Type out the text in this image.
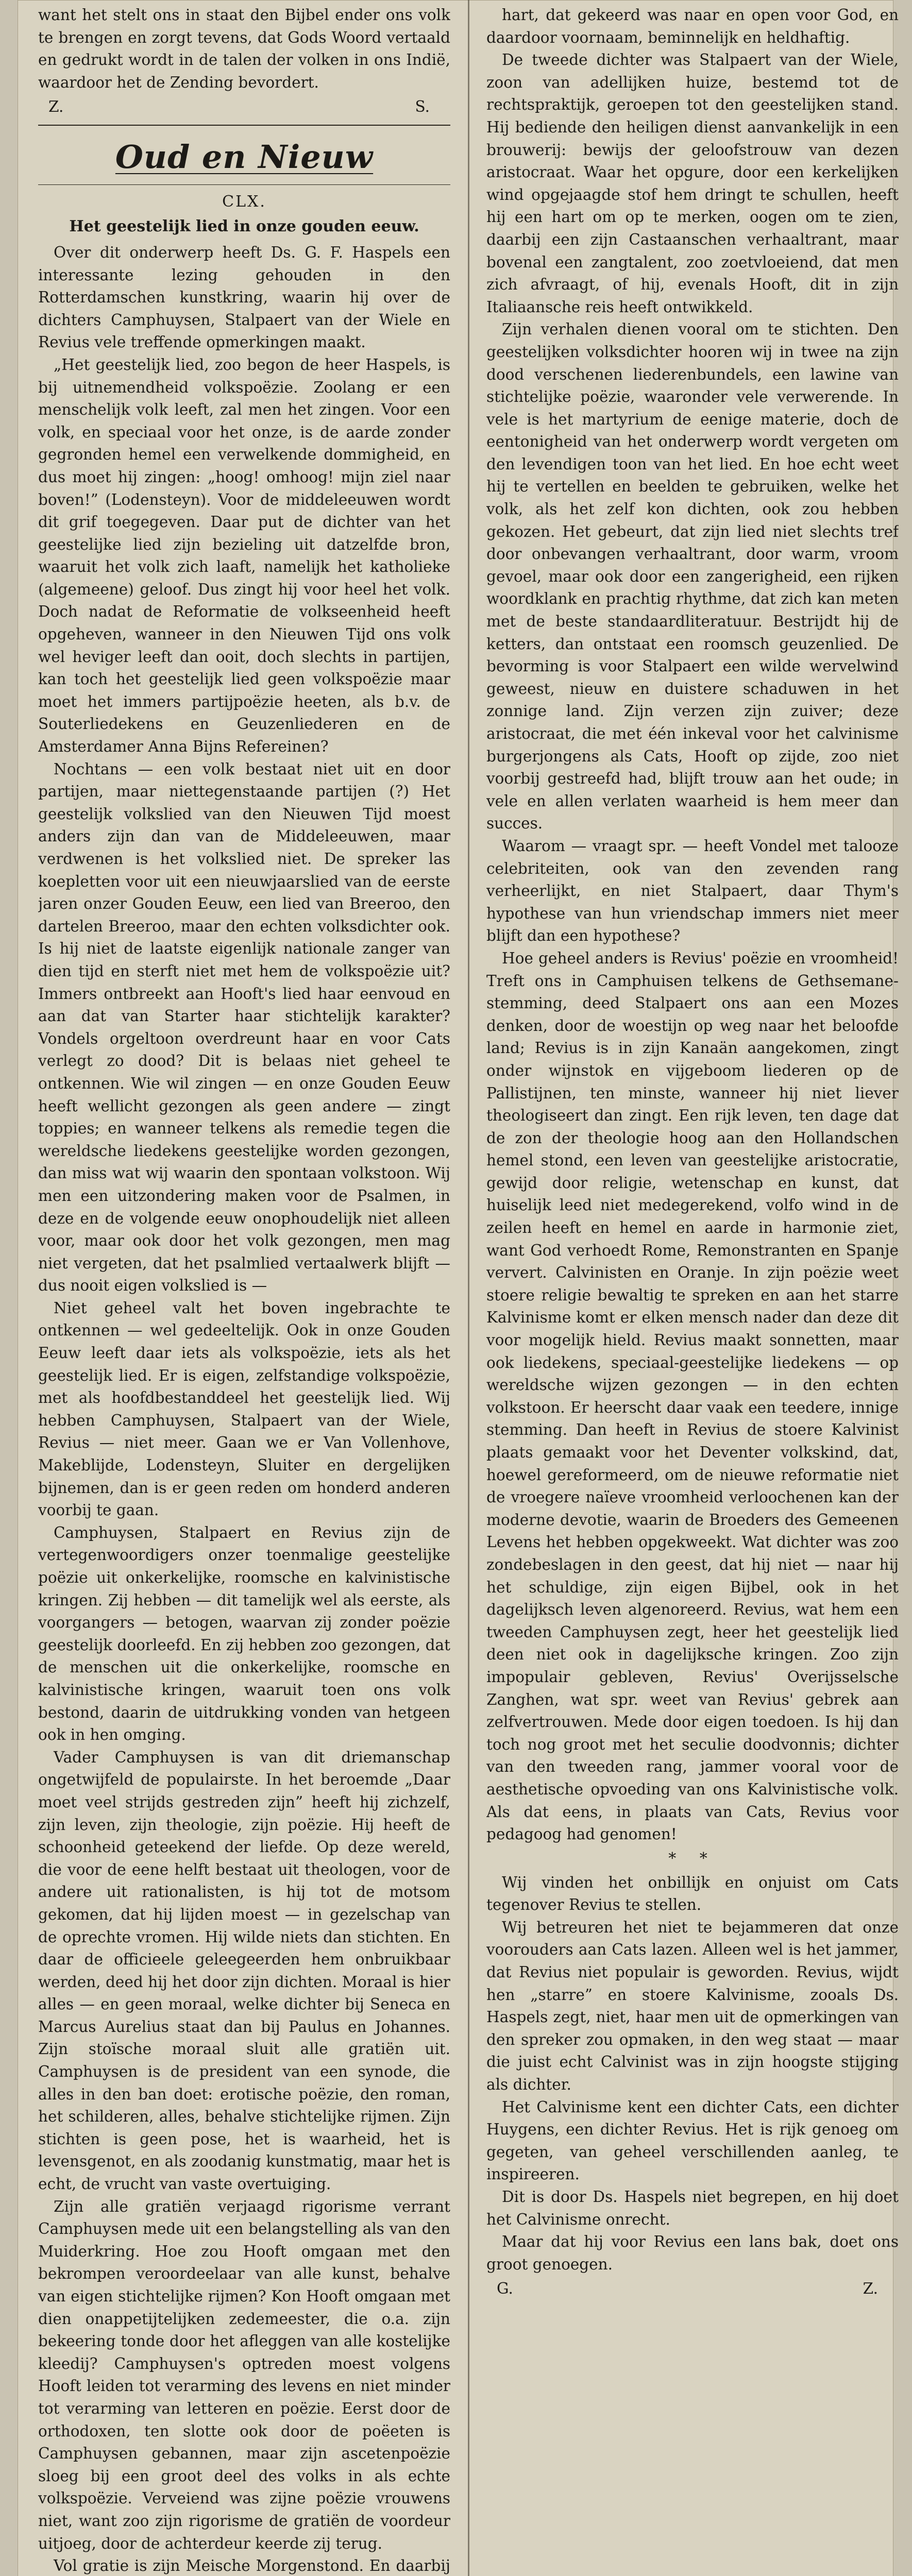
want het stelt ons in staat den Bijbel ender ons volk te brengen en zorgt tevens, dat Gods Woord vertaald en gedrukt wordt in de talen der volken in ons Indië, waardoor het de Zending bevordert.

Z.	S.
Oud en Nieuw
CLX.
Het geestelijk lied in onze gouden eeuw.

Over dit onderwerp heeft Ds. G. F. Haspels een interessante lezing gehouden in den Rotterdamschen kunstkring, waarin hij over de dichters Camphuysen, Stalpaert van der Wiele en Revius vele treffende opmerkingen maakt.

„Het geestelijk lied, zoo begon de heer Haspels, is bij uitnemendheid volkspoëzie. Zoolang er een menschelijk volk leeft, zal men het zingen. Voor een volk, en speciaal voor het onze, is de aarde zonder gegronden hemel een verwelkende dommigheid, en dus moet hij zingen: „hoog! omhoog! mijn ziel naar boven!” (Lodensteyn). Voor de middeleeuwen wordt dit grif toegegeven. Daar put de dichter van het geestelijke lied zijn bezieling uit datzelfde bron, waaruit het volk zich laaft, namelijk het katholieke (algemeene) geloof. Dus zingt hij voor heel het volk. Doch nadat de Reformatie de volkseenheid heeft opgeheven, wanneer in den Nieuwen Tijd ons volk wel heviger leeft dan ooit, doch slechts in partijen, kan toch het geestelijk lied geen volkspoëzie maar moet het immers partijpoëzie heeten, als b.v. de Souterliedekens en Geuzenliederen en de Amsterdamer Anna Bijns Refereinen?

Nochtans — een volk bestaat niet uit en door partijen, maar niettegenstaande partijen (?) Het geestelijk volkslied van den Nieuwen Tijd moest anders zijn dan van de Middeleeuwen, maar verdwenen is het volkslied niet. De spreker las koepletten voor uit een nieuwjaarslied van de eerste jaren onzer Gouden Eeuw, een lied van Breeroo, den dartelen Breeroo, maar den echten volksdichter ook. Is hij niet de laatste eigenlijk nationale zanger van dien tijd en sterft niet met hem de volkspoëzie uit? Immers ontbreekt aan Hooft's lied haar eenvoud en aan dat van Starter haar stichtelijk karakter? Vondels orgeltoon overdreunt haar en voor Cats verlegt zo dood? Dit is belaas niet geheel te ontkennen. Wie wil zingen — en onze Gouden Eeuw heeft wellicht gezongen als geen andere — zingt toppies; en wanneer telkens als remedie tegen die wereldsche liedekens geestelijke worden gezongen, dan miss wat wij waarin den spontaan volkstoon. Wij men een uitzondering maken voor de Psalmen, in deze en de volgende eeuw onophoudelijk niet alleen voor, maar ook door het volk gezongen, men mag niet vergeten, dat het psalmlied vertaalwerk blijft — dus nooit eigen volkslied is —

Niet geheel valt het boven ingebrachte te ontkennen — wel gedeeltelijk. Ook in onze Gouden Eeuw leeft daar iets als volkspoëzie, iets als het geestelijk lied. Er is eigen, zelfstandige volkspoëzie, met als hoofdbestanddeel het geestelijk lied. Wij hebben Camphuysen, Stalpaert van der Wiele, Revius — niet meer. Gaan we er Van Vollenhove, Makeblijde, Lodensteyn, Sluiter en dergelijken bijnemen, dan is er geen reden om honderd anderen voorbij te gaan.

Camphuysen, Stalpaert en Revius zijn de vertegenwoordigers onzer toenmalige geestelijke poëzie uit onkerkelijke, roomsche en kalvinistische kringen. Zij hebben — dit tamelijk wel als eerste, als voorgangers — betogen, waarvan zij zonder poëzie geestelijk doorleefd. En zij hebben zoo gezongen, dat de menschen uit die onkerkelijke, roomsche en kalvinistische kringen, waaruit toen ons volk bestond, daarin de uitdrukking vonden van hetgeen ook in hen omging.

Vader Camphuysen is van dit driemanschap ongetwijfeld de populairste. In het beroemde „Daar moet veel strijds gestreden zijn” heeft hij zichzelf, zijn leven, zijn theologie, zijn poëzie. Hij heeft de schoonheid geteekend der liefde. Op deze wereld, die voor de eene helft bestaat uit theologen, voor de andere uit rationalisten, is hij tot de motsom gekomen, dat hij lijden moest — in gezelschap van de oprechte vromen. Hij wilde niets dan stichten. En daar de officieele geleegeerden hem onbruikbaar werden, deed hij het door zijn dichten. Moraal is hier alles — en geen moraal, welke dichter bij Seneca en Marcus Aurelius staat dan bij Paulus en Johannes. Zijn stoïsche moraal sluit alle gratiën uit. Camphuysen is de president van een synode, die alles in den ban doet: erotische poëzie, den roman, het schilderen, alles, behalve stichtelijke rijmen. Zijn stichten is geen pose, het is waarheid, het is levensgenot, en als zoodanig kunstmatig, maar het is echt, de vrucht van vaste overtuiging.

Zijn alle gratiën verjaagd rigorisme verrant Camphuysen mede uit een belangstelling als van den Muiderkring. Hoe zou Hooft omgaan met den bekrompen veroordeelaar van alle kunst, behalve van eigen stichtelijke rijmen? Kon Hooft omgaan met dien onappetijtelijken zedemeester, die o.a. zijn bekeering tonde door het afleggen van alle kostelijke kleedij? Camphuysen's optreden moest volgens Hooft leiden tot verarming des levens en niet minder tot verarming van letteren en poëzie. Eerst door de orthodoxen, ten slotte ook door de poëeten is Camphuysen gebannen, maar zijn ascetenpoëzie sloeg bij een groot deel des volks in als echte volkspoëzie. Verveiend was zijne poëzie vrouwens niet, want zoo zijn rigorisme de gratiën de voordeur uitjoeg, door de achterdeur keerde zij terug.

Vol gratie is zijn Meische Morgenstond. En daarbij

hart, dat gekeerd was naar en open voor God, en daardoor voornaam, beminnelijk en heldhaftig.

De tweede dichter was Stalpaert van der Wiele, zoon van adellijken huize, bestemd tot de rechtspraktijk, geroepen tot den geestelijken stand. Hij bediende den heiligen dienst aanvankelijk in een brouwerij: bewijs der geloofstrouw van dezen aristocraat. Waar het opgure, door een kerkelijken wind opgejaagde stof hem dringt te schullen, heeft hij een hart om op te merken, oogen om te zien, daarbij een zijn Castaanschen verhaaltrant, maar bovenal een zangtalent, zoo zoetvloeiend, dat men zich afvraagt, of hij, evenals Hooft, dit in zijn Italiaansche reis heeft ontwikkeld.

Zijn verhalen dienen vooral om te stichten. Den geestelijken volksdichter hooren wij in twee na zijn dood verschenen liederenbundels, een lawine van stichtelijke poëzie, waaronder vele verwerende. In vele is het martyrium de eenige materie, doch de eentonigheid van het onderwerp wordt vergeten om den levendigen toon van het lied. En hoe echt weet hij te vertellen en beelden te gebruiken, welke het volk, als het zelf kon dichten, ook zou hebben gekozen. Het gebeurt, dat zijn lied niet slechts tref door onbevangen verhaaltrant, door warm, vroom gevoel, maar ook door een zangerigheid, een rijken woordklank en prachtig rhythme, dat zich kan meten met de beste standaardliteratuur. Bestrijdt hij de ketters, dan ontstaat een roomsch geuzenlied. De bevorming is voor Stalpaert een wilde wervelwind geweest, nieuw en duistere schaduwen in het zonnige land. Zijn verzen zijn zuiver; deze aristocraat, die met één inkeval voor het calvinisme burgerjongens als Cats, Hooft op zijde, zoo niet voorbij gestreefd had, blijft trouw aan het oude; in vele en allen verlaten waarheid is hem meer dan succes.

Waarom — vraagt spr. — heeft Vondel met talooze celebriteiten, ook van den zevenden rang verheerlijkt, en niet Stalpaert, daar Thym's hypothese van hun vriendschap immers niet meer blijft dan een hypothese?

Hoe geheel anders is Revius' poëzie en vroomheid! Treft ons in Camphuisen telkens de Gethsemane-stemming, deed Stalpaert ons aan een Mozes denken, door de woestijn op weg naar het beloofde land; Revius is in zijn Kanaän aangekomen, zingt onder wijnstok en vijgeboom liederen op de Pallistijnen, ten minste, wanneer hij niet liever theologiseert dan zingt. Een rijk leven, ten dage dat de zon der theologie hoog aan den Hollandschen hemel stond, een leven van geestelijke aristocratie, gewijd door religie, wetenschap en kunst, dat huiselijk leed niet medegerekend, volfo wind in de zeilen heeft en hemel en aarde in harmonie ziet, want God verhoedt Rome, Remonstranten en Spanje ververt. Calvinisten en Oranje. In zijn poëzie weet stoere religie bewaltig te spreken en aan het starre Kalvinisme komt er elken mensch nader dan deze dit voor mogelijk hield. Revius maakt sonnetten, maar ook liedekens, speciaal-geestelijke liedekens — op wereldsche wijzen gezongen — in den echten volkstoon. Er heerscht daar vaak een teedere, innige stemming. Dan heeft in Revius de stoere Kalvinist plaats gemaakt voor het Deventer volkskind, dat, hoewel gereformeerd, om de nieuwe reformatie niet de vroegere naïeve vroomheid verloochenen kan der moderne devotie, waarin de Broeders des Gemeenen Levens het hebben opgekweekt. Wat dichter was zoo zondebeslagen in den geest, dat hij niet — naar hij het schuldige, zijn eigen Bijbel, ook in het dagelijksch leven algenoreerd. Revius, wat hem een tweeden Camphuysen zegt, heer het geestelijk lied deen niet ook in dagelijksche kringen. Zoo zijn impopulair gebleven, Revius' Overijsselsche Zanghen, wat spr. weet van Revius' gebrek aan zelfvertrouwen. Mede door eigen toedoen. Is hij dan toch nog groot met het seculie doodvonnis; dichter van den tweeden rang, jammer vooral voor de aesthetische opvoeding van ons Kalvinistische volk. Als dat eens, in plaats van Cats, Revius voor pedagoog had genomen!

* *

Wij vinden het onbillijk en onjuist om Cats tegenover Revius te stellen.

Wij betreuren het niet te bejammeren dat onze voorouders aan Cats lazen. Alleen wel is het jammer, dat Revius niet populair is geworden. Revius, wijdt hen „starre” en stoere Kalvinisme, zooals Ds. Haspels zegt, niet, haar men uit de opmerkingen van den spreker zou opmaken, in den weg staat — maar die juist echt Calvinist was in zijn hoogste stijging als dichter.

Het Calvinisme kent een dichter Cats, een dichter Huygens, een dichter Revius. Het is rijk genoeg om gegeten, van geheel verschillenden aanleg, te inspireeren.

Dit is door Ds. Haspels niet begrepen, en hij doet het Calvinisme onrecht.

Maar dat hij voor Revius een lans bak, doet ons groot genoegen.

G.	Z.
